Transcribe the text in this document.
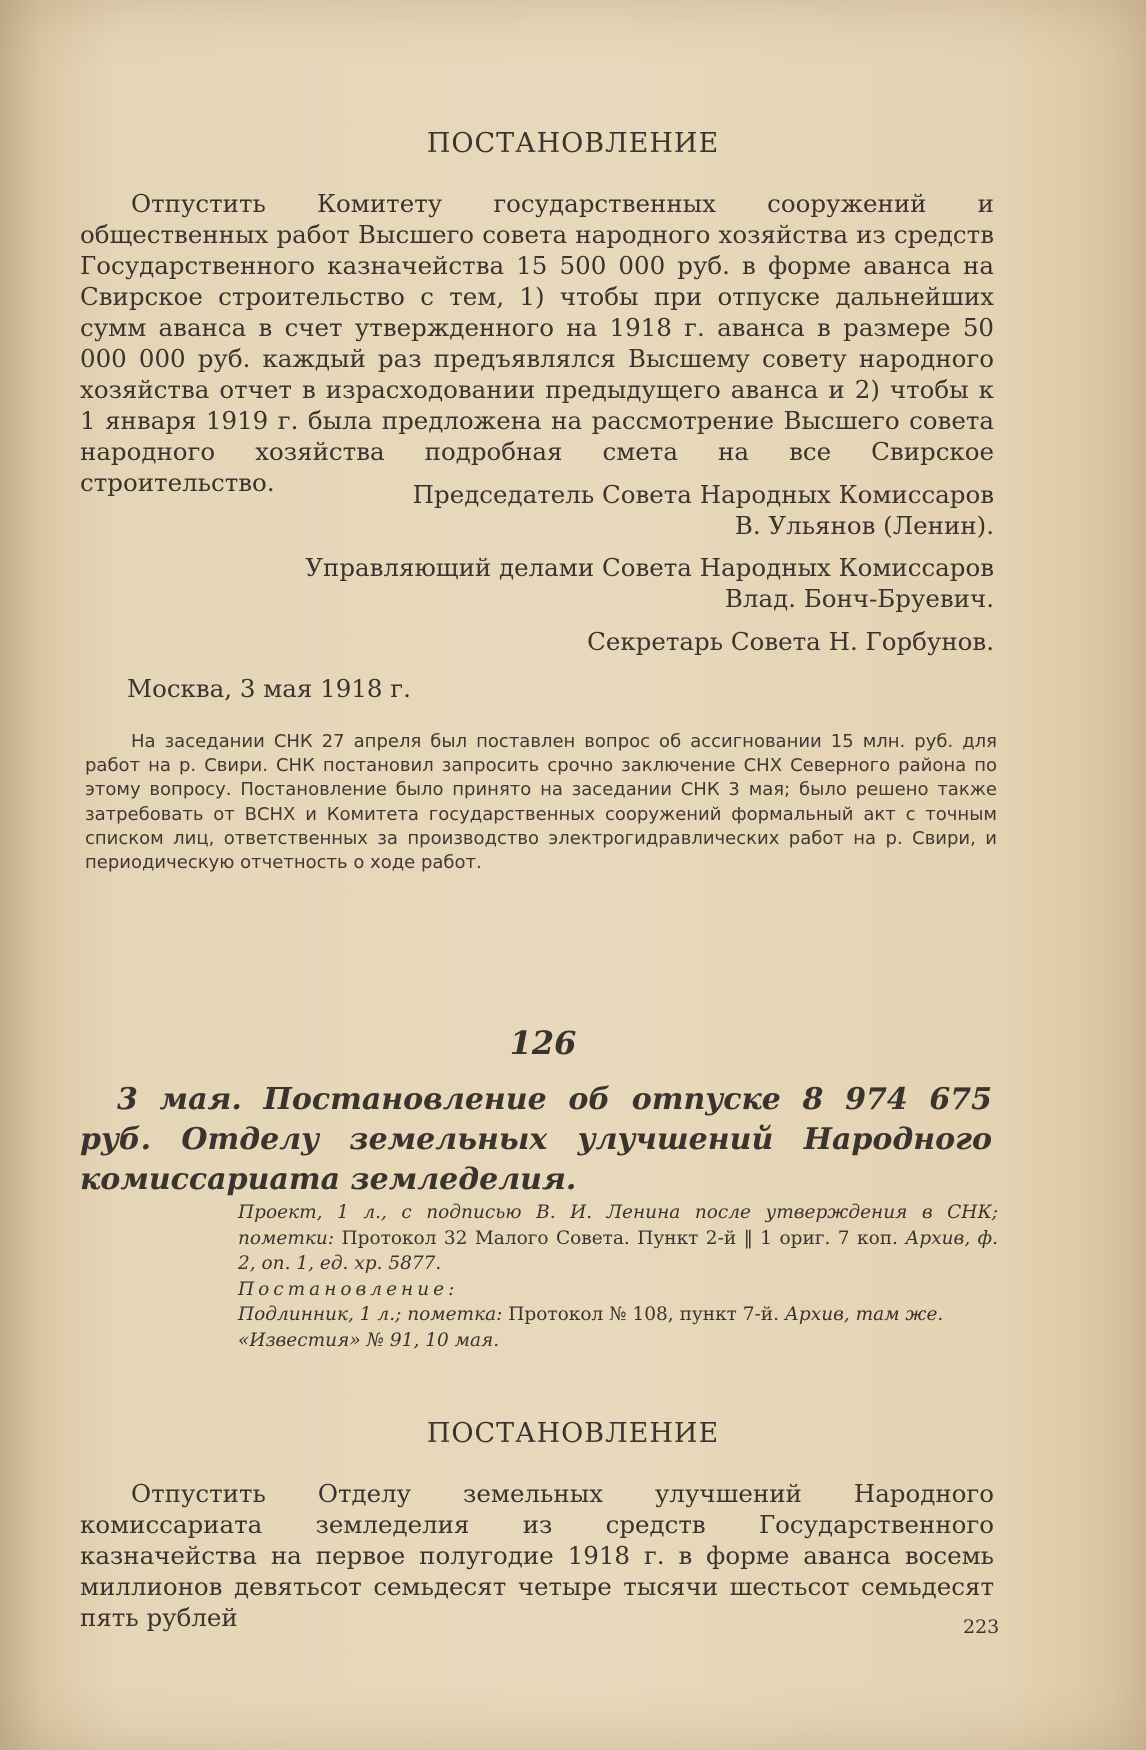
ПОСТАНОВЛЕНИЕ

Отпустить Комитету государственных сооружений и общественных работ Высшего совета народного хозяйства из средств Государственного казначейства 15 500 000 руб. в форме аванса на Свирское строительство с тем, 1) чтобы при отпуске дальнейших сумм аванса в счет утвержденного на 1918 г. аванса в размере 50 000 000 руб. каждый раз предъявлялся Высшему совету народного хозяйства отчет в израсходовании предыдущего аванса и 2) чтобы к 1 января 1919 г. была предложена на рассмотрение Высшего совета народного хозяйства подробная смета на все Свирское строительство.	Председатель Совета Народных Комиссаров

В. Ульянов (Ленин).

Управляющий делами Совета Народных Комиссаров

Влад. Бонч-Бруевич.

Секретарь Совета Н. Горбунов.

Москва, 3 мая 1918 г.

На заседании СНК 27 апреля был поставлен вопрос об ассигновании 15 млн. руб. для работ на р. Свири. СНК постановил запросить срочно заключение СНХ Северного района по этому вопросу. Постановление было принято на заседании СНК 3 мая; было решено также затребовать от ВСНХ и Комитета государственных сооружений формальный акт с точным списком лиц, ответственных за производство электрогидравлических работ на р. Свири, и периодическую отчетность о ходе работ.

126
3 мая. Постановление об отпуске 8 974 675 руб. Отделу земельных улучшений Народного комиссариата земледелия.

Проект, 1 л., с подписью В. И. Ленина после утверждения в СНК; пометки: Протокол 32 Малого Совета. Пункт 2-й ‖ 1 ориг. 7 коп. Архив, ф. 2, оп. 1, ед. хр. 5877.

Постановление:

Подлинник, 1 л.; пометка: Протокол № 108, пункт 7-й. Архив, там же.

«Известия» № 91, 10 мая.

ПОСТАНОВЛЕНИЕ

Отпустить Отделу земельных улучшений Народного комиссариата земледелия из средств Государственного казначейства на первое полугодие 1918 г. в форме аванса восемь миллионов девятьсот семьдесят четыре тысячи шестьсот семьдесят пять рублей	223
